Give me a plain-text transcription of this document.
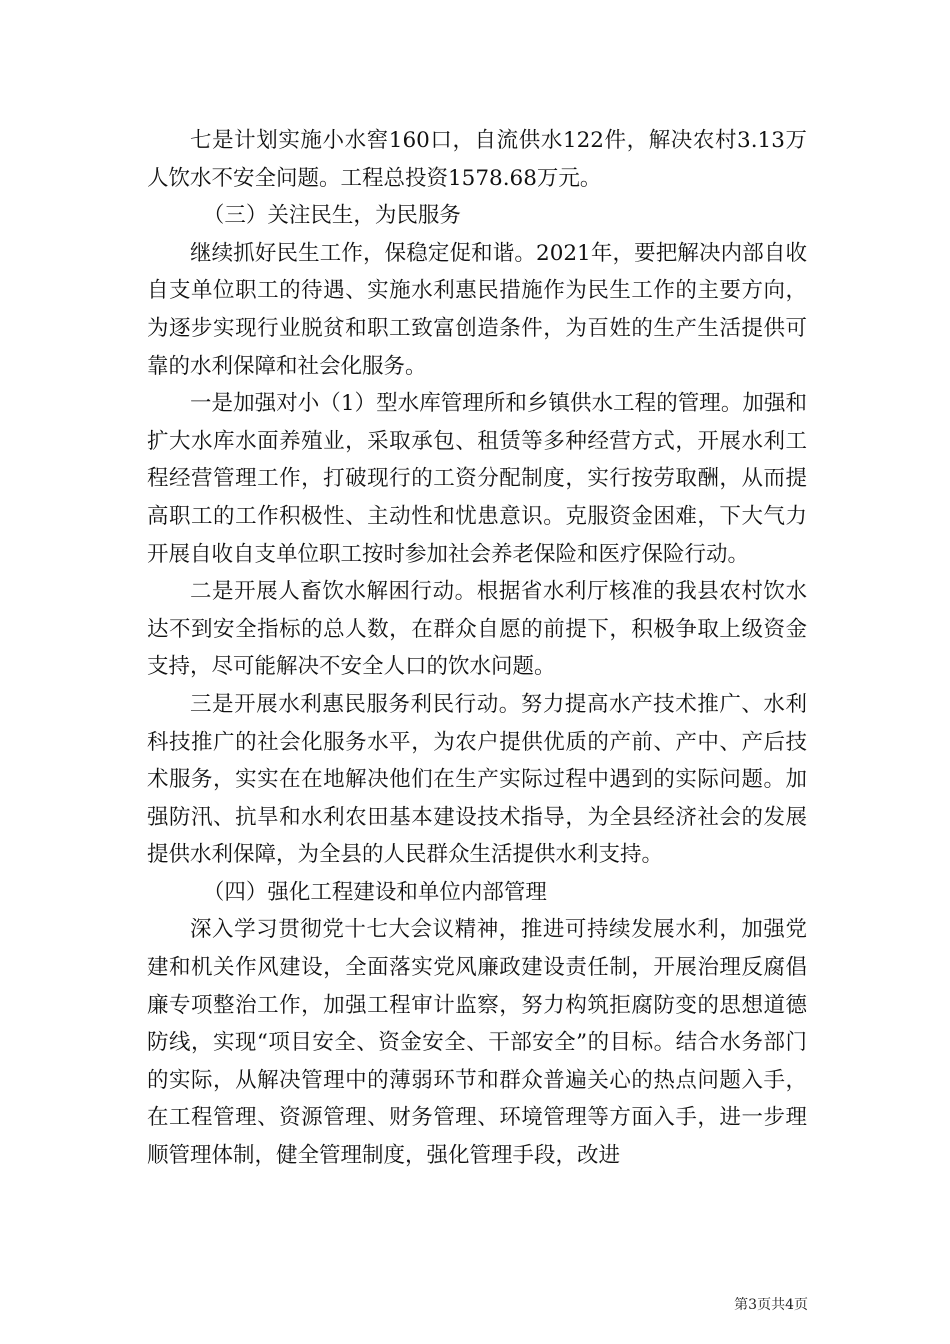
七是计划实施小水窖160口，自流供水122件，解决农村3.13万人饮水不安全问题。工程总投资1578.68万元。

（三）关注民生，为民服务

继续抓好民生工作，保稳定促和谐。2021年，要把解决内部自收自支单位职工的待遇、实施水利惠民措施作为民生工作的主要方向，为逐步实现行业脱贫和职工致富创造条件，为百姓的生产生活提供可靠的水利保障和社会化服务。

一是加强对小（1）型水库管理所和乡镇供水工程的管理。加强和扩大水库水面养殖业，采取承包、租赁等多种经营方式，开展水利工程经营管理工作，打破现行的工资分配制度，实行按劳取酬，从而提高职工的工作积极性、主动性和忧患意识。克服资金困难，下大气力开展自收自支单位职工按时参加社会养老保险和医疗保险行动。

二是开展人畜饮水解困行动。根据省水利厅核准的我县农村饮水达不到安全指标的总人数，在群众自愿的前提下，积极争取上级资金支持，尽可能解决不安全人口的饮水问题。

三是开展水利惠民服务利民行动。努力提高水产技术推广、水利科技推广的社会化服务水平，为农户提供优质的产前、产中、产后技术服务，实实在在地解决他们在生产实际过程中遇到的实际问题。加强防汛、抗旱和水利农田基本建设技术指导，为全县经济社会的发展提供水利保障，为全县的人民群众生活提供水利支持。

（四）强化工程建设和单位内部管理

深入学习贯彻党十七大会议精神，推进可持续发展水利，加强党建和机关作风建设，全面落实党风廉政建设责任制，开展治理反腐倡廉专项整治工作，加强工程审计监察，努力构筑拒腐防变的思想道德防线，实现“项目安全、资金安全、干部安全”的目标。结合水务部门的实际，从解决管理中的薄弱环节和群众普遍关心的热点问题入手，在工程管理、资源管理、财务管理、环境管理等方面入手，进一步理顺管理体制，健全管理制度，强化管理手段，改进

第3页共4页
